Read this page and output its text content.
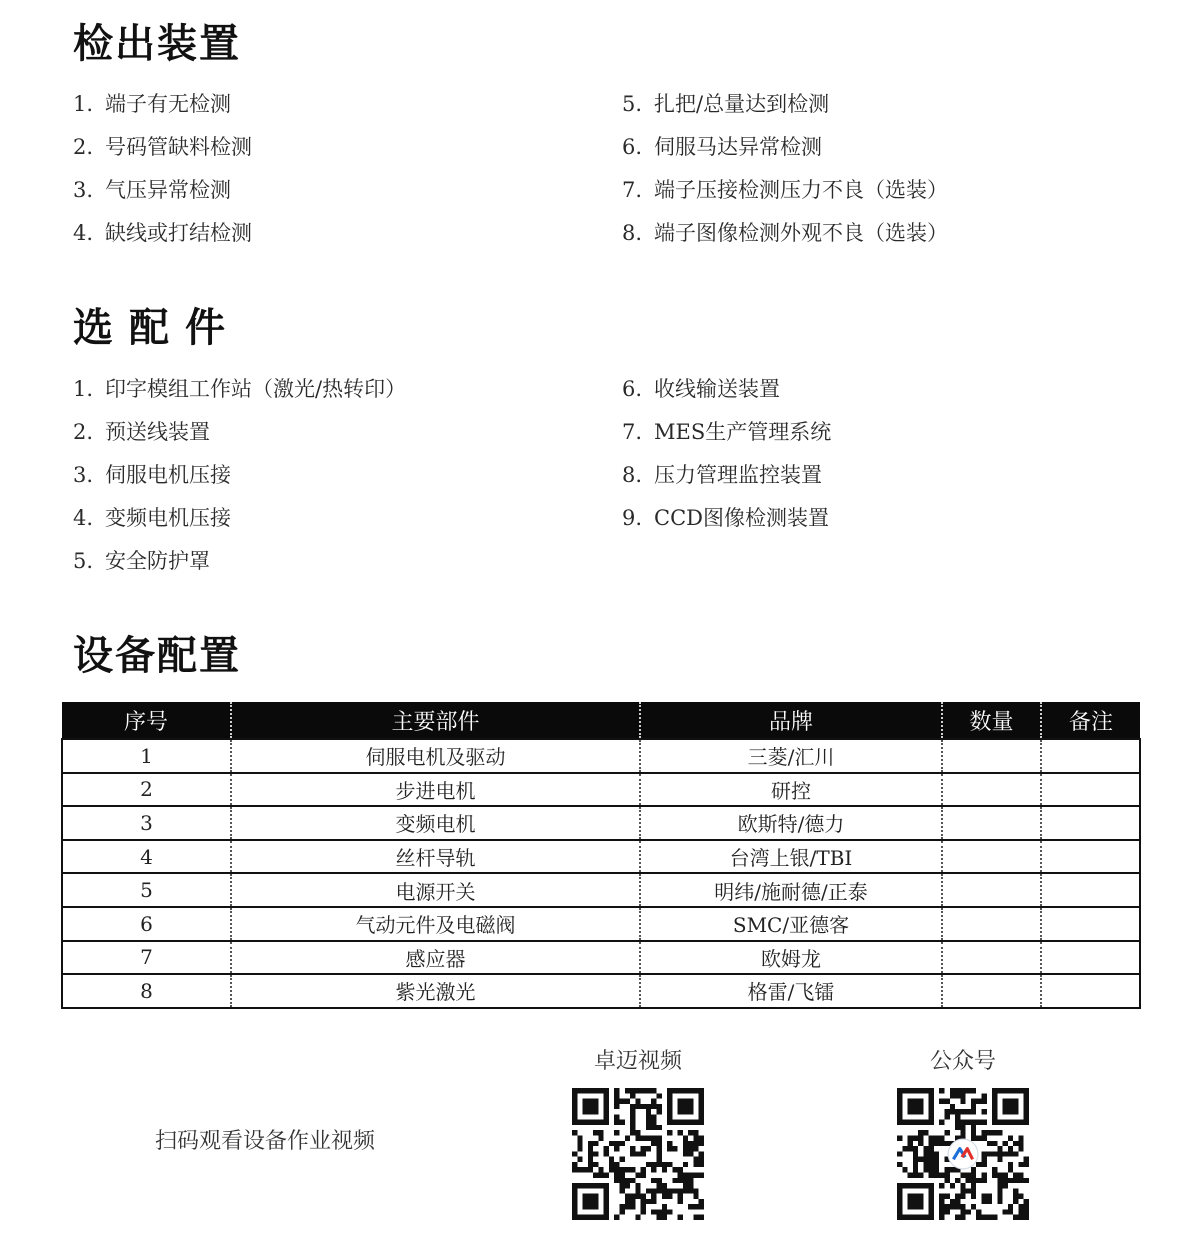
检出装置
1. 端子有无检测
2. 号码管缺料检测
3. 气压异常检测
4. 缺线或打结检测
5. 扎把/总量达到检测
6. 伺服马达异常检测
7. 端子压接检测压力不良（选装）
8. 端子图像检测外观不良（选装）
选配件
1. 印字模组工作站（激光/热转印）
2. 预送线装置
3. 伺服电机压接
4. 变频电机压接
5. 安全防护罩
6. 收线输送装置
7. MES生产管理系统
8. 压力管理监控装置
9. CCD图像检测装置
设备配置
序号	主要部件	品牌	数量	备注
1	伺服电机及驱动	三菱/汇川		
2	步进电机	研控		
3	变频电机	欧斯特/德力		
4	丝杆导轨	台湾上银/TBI		
5	电源开关	明纬/施耐德/正泰		
6	气动元件及电磁阀	SMC/亚德客		
7	感应器	欧姆龙		
8	紫光激光	格雷/飞镭		
扫码观看设备作业视频
卓迈视频	公众号
